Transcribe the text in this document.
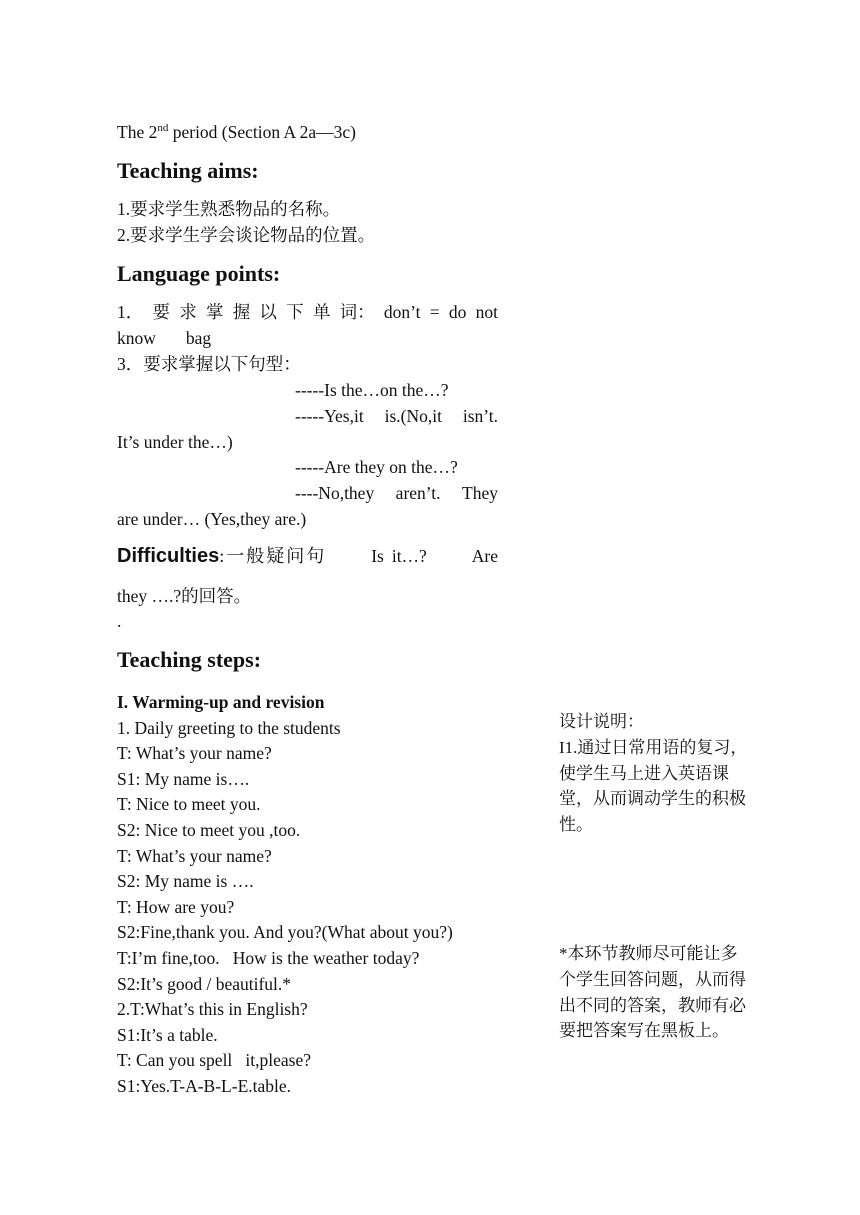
The 2nd period (Section A 2a—3c)
Teaching aims:
1.要求学生熟悉物品的名称。
2.要求学生学会谈论物品的位置。
Language points:
1． 要 求 掌 握 以 下 单 词： don’t = do not
know bag
3．要求掌握以下句型：
-----Is the…on the…?
-----Yes,it is.(No,it isn’t.
It’s under the…)
-----Are they on the…?
----No,they aren’t. They
are under… (Yes,they are.)
Difficulties :一般疑问句	Is it…?	Are
they ….?的回答。
.
Teaching steps:
I. Warming-up and revision
1. Daily greeting to the students
T: What’s your name?
S1: My name is….
T: Nice to meet you.
S2: Nice to meet you ,too.
T: What’s your name?
S2: My name is ….
T: How are you?
S2:Fine,thank you. And you?(What about you?)
T:I’m fine,too.   How is the weather today?
S2:It’s good / beautiful.*
2.T:What’s this in English?
S1:It’s a table.
T: Can you spell   it,please?
S1:Yes.T-A-B-L-E.table.
设计说明：
I1.通过日常用语的复习，
使学生马上进入英语课
堂，从而调动学生的积极
性。
*本环节教师尽可能让多
个学生回答问题，从而得
出不同的答案，教师有必
要把答案写在黑板上。
